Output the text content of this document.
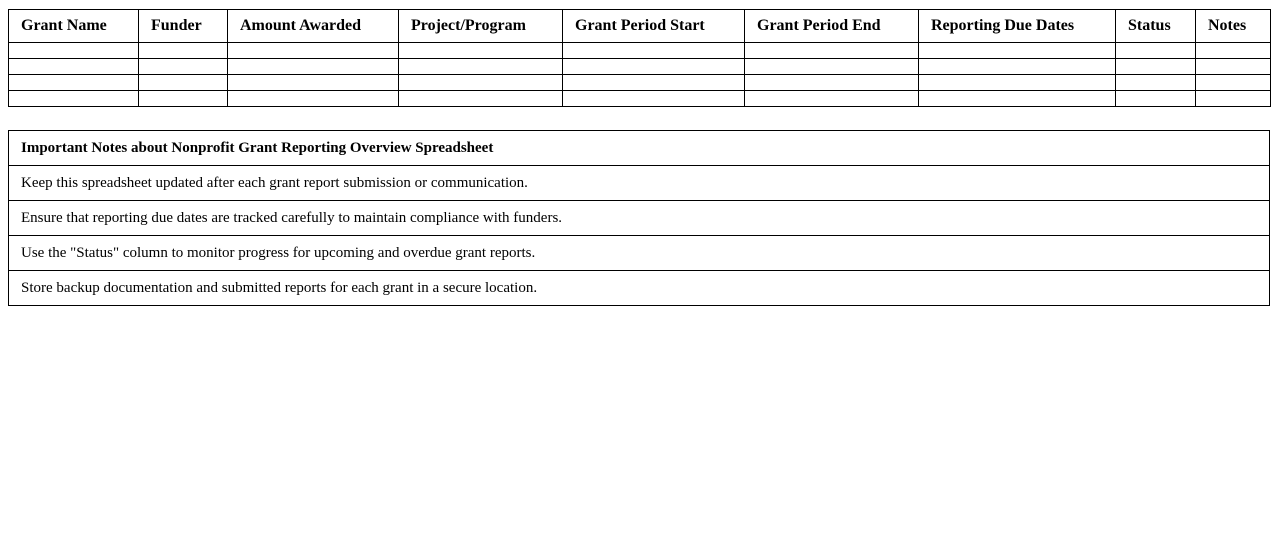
Grant Name	Funder	Amount Awarded	Project/Program	Grant Period Start	Grant Period End	Reporting Due Dates	Status	Notes

Important Notes about Nonprofit Grant Reporting Overview Spreadsheet
Keep this spreadsheet updated after each grant report submission or communication.
Ensure that reporting due dates are tracked carefully to maintain compliance with funders.
Use the "Status" column to monitor progress for upcoming and overdue grant reports.
Store backup documentation and submitted reports for each grant in a secure location.
